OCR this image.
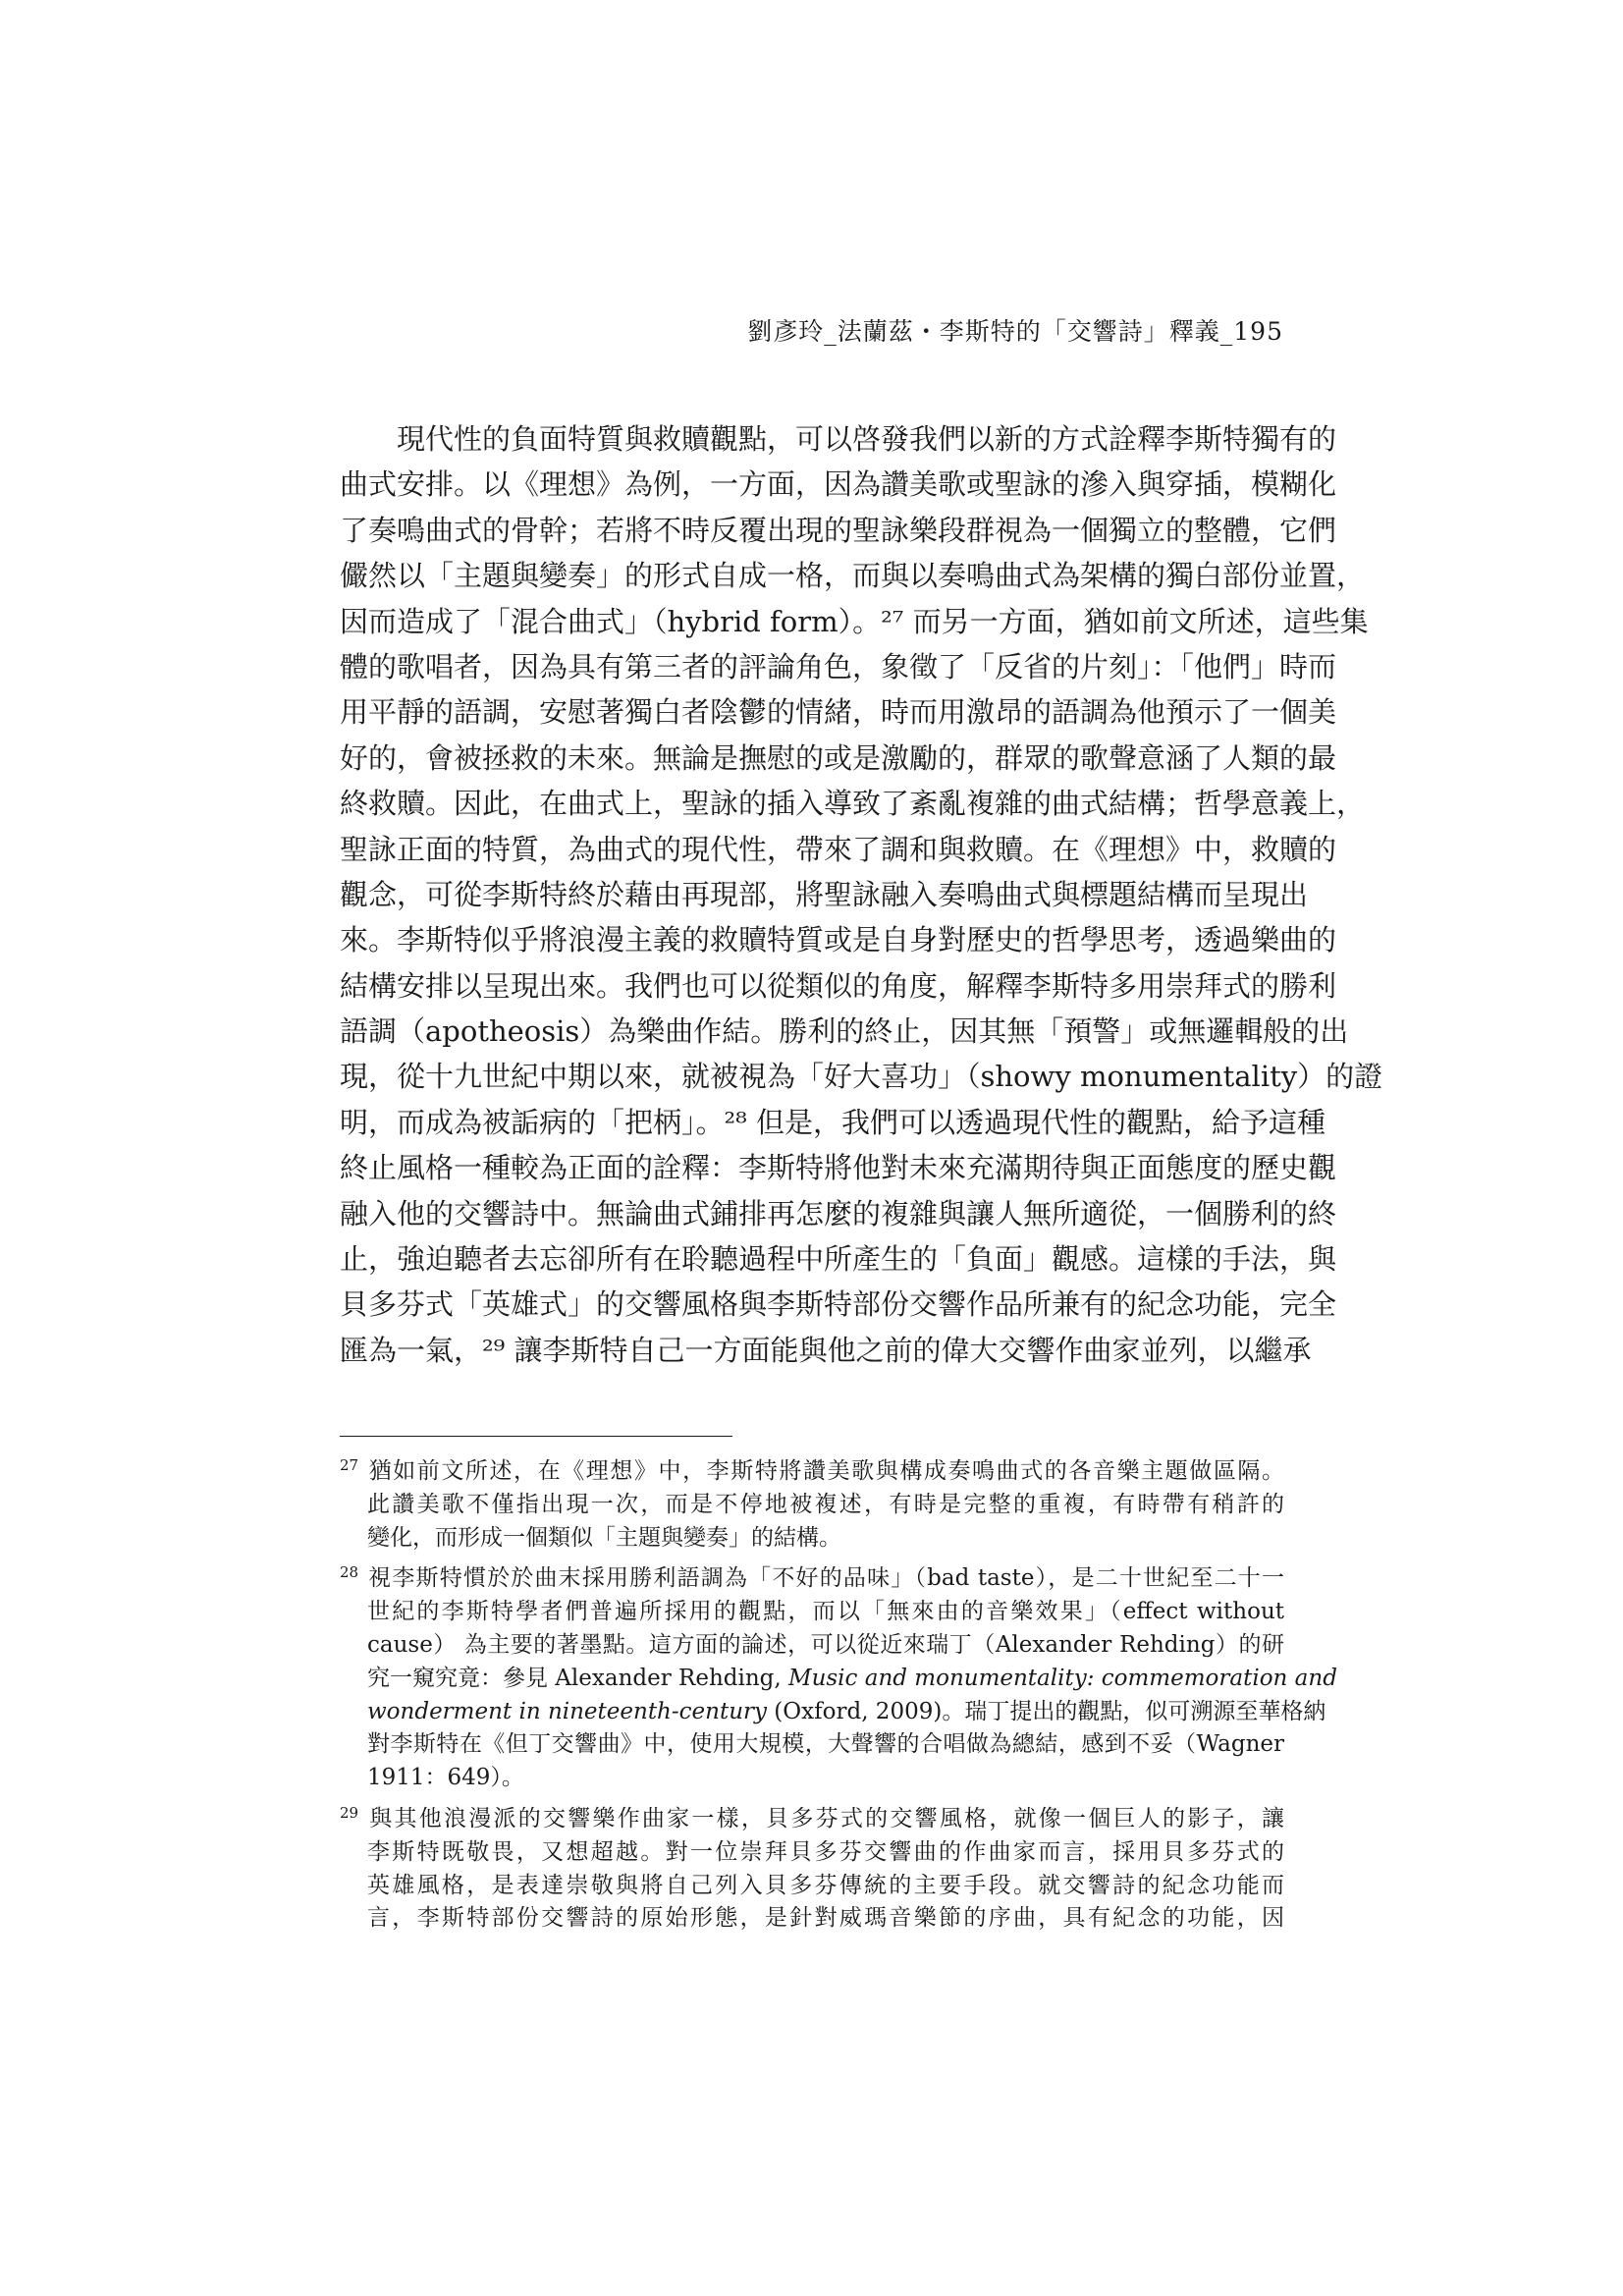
劉彥玲_法蘭茲・李斯特的「交響詩」釋義_195
現代性的負面特質與救贖觀點，可以啓發我們以新的方式詮釋李斯特獨有的
曲式安排。以《理想》為例，一方面，因為讚美歌或聖詠的滲入與穿插，模糊化
了奏鳴曲式的骨幹；若將不時反覆出現的聖詠樂段群視為一個獨立的整體，它們
儼然以「主題與變奏」的形式自成一格，而與以奏鳴曲式為架構的獨白部份並置，
因而造成了「混合曲式」（hybrid form）。²⁷ 而另一方面，猶如前文所述，這些集
體的歌唱者，因為具有第三者的評論角色，象徵了「反省的片刻」：「他們」時而
用平靜的語調，安慰著獨白者陰鬱的情緒，時而用激昂的語調為他預示了一個美
好的，會被拯救的未來。無論是撫慰的或是激勵的，群眾的歌聲意涵了人類的最
終救贖。因此，在曲式上，聖詠的插入導致了紊亂複雜的曲式結構；哲學意義上，
聖詠正面的特質，為曲式的現代性，帶來了調和與救贖。在《理想》中，救贖的
觀念，可從李斯特終於藉由再現部，將聖詠融入奏鳴曲式與標題結構而呈現出
來。李斯特似乎將浪漫主義的救贖特質或是自身對歷史的哲學思考，透過樂曲的
結構安排以呈現出來。我們也可以從類似的角度，解釋李斯特多用崇拜式的勝利
語調（apotheosis）為樂曲作結。勝利的終止，因其無「預警」或無邏輯般的出
現，從十九世紀中期以來，就被視為「好大喜功」（showy monumentality）的證
明，而成為被詬病的「把柄」。²⁸ 但是，我們可以透過現代性的觀點，給予這種
終止風格一種較為正面的詮釋：李斯特將他對未來充滿期待與正面態度的歷史觀
融入他的交響詩中。無論曲式鋪排再怎麼的複雜與讓人無所適從，一個勝利的終
止，強迫聽者去忘卻所有在聆聽過程中所產生的「負面」觀感。這樣的手法，與
貝多芬式「英雄式」的交響風格與李斯特部份交響作品所兼有的紀念功能，完全
匯為一氣，²⁹ 讓李斯特自己一方面能與他之前的偉大交響作曲家並列，以繼承
27 猶如前文所述，在《理想》中，李斯特將讚美歌與構成奏鳴曲式的各音樂主題做區隔。
此讚美歌不僅指出現一次，而是不停地被複述，有時是完整的重複，有時帶有稍許的
變化，而形成一個類似「主題與變奏」的結構。
28 視李斯特慣於於曲末採用勝利語調為「不好的品味」（bad taste），是二十世紀至二十一
世紀的李斯特學者們普遍所採用的觀點，而以「無來由的音樂效果」（effect without
cause） 為主要的著墨點。這方面的論述，可以從近來瑞丁（Alexander Rehding）的研
究一窺究竟：參見 Alexander Rehding, Music and monumentality: commemoration and
wonderment in nineteenth-century (Oxford, 2009)。瑞丁提出的觀點，似可溯源至華格納
對李斯特在《但丁交響曲》中，使用大規模，大聲響的合唱做為總結，感到不妥（Wagner
1911：649）。
29 與其他浪漫派的交響樂作曲家一樣，貝多芬式的交響風格，就像一個巨人的影子，讓
李斯特既敬畏，又想超越。對一位崇拜貝多芬交響曲的作曲家而言，採用貝多芬式的
英雄風格，是表達崇敬與將自己列入貝多芬傳統的主要手段。就交響詩的紀念功能而
言，李斯特部份交響詩的原始形態，是針對威瑪音樂節的序曲，具有紀念的功能，因
